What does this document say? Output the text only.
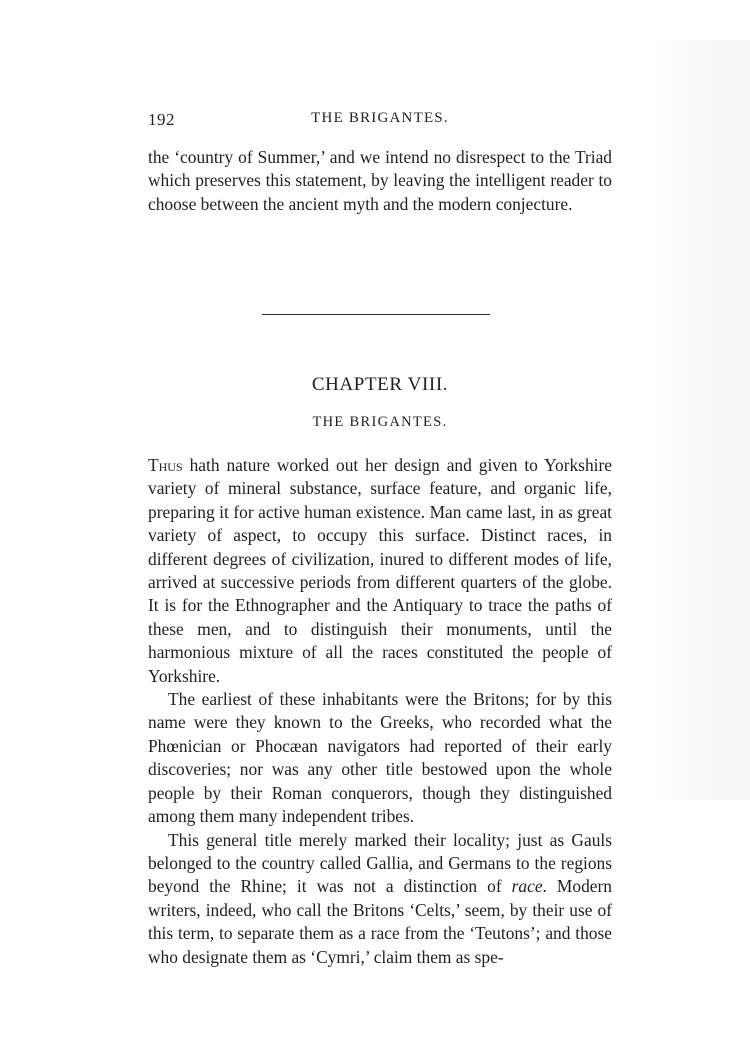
192	THE BRIGANTES.

the ‘country of Summer,’ and we intend no disrespect to the Triad which preserves this statement, by leaving the intelligent reader to choose between the ancient myth and the modern conjecture.

CHAPTER VIII.
THE BRIGANTES.

Thus hath nature worked out her design and given to Yorkshire variety of mineral substance, surface feature, and organic life, preparing it for active human existence. Man came last, in as great variety of aspect, to occupy this surface. Distinct races, in different degrees of civilization, inured to different modes of life, arrived at successive periods from different quarters of the globe. It is for the Ethnographer and the Antiquary to trace the paths of these men, and to distinguish their monuments, until the harmonious mixture of all the races constituted the people of Yorkshire.

The earliest of these inhabitants were the Britons; for by this name were they known to the Greeks, who recorded what the Phœnician or Phocæan navigators had reported of their early discoveries; nor was any other title bestowed upon the whole people by their Roman conquerors, though they distinguished among them many independent tribes.

This general title merely marked their locality; just as Gauls belonged to the country called Gallia, and Germans to the regions beyond the Rhine; it was not a distinction of race. Modern writers, indeed, who call the Britons ‘Celts,’ seem, by their use of this term, to separate them as a race from the ‘Teutons’; and those who designate them as ‘Cymri,’ claim them as spe-
